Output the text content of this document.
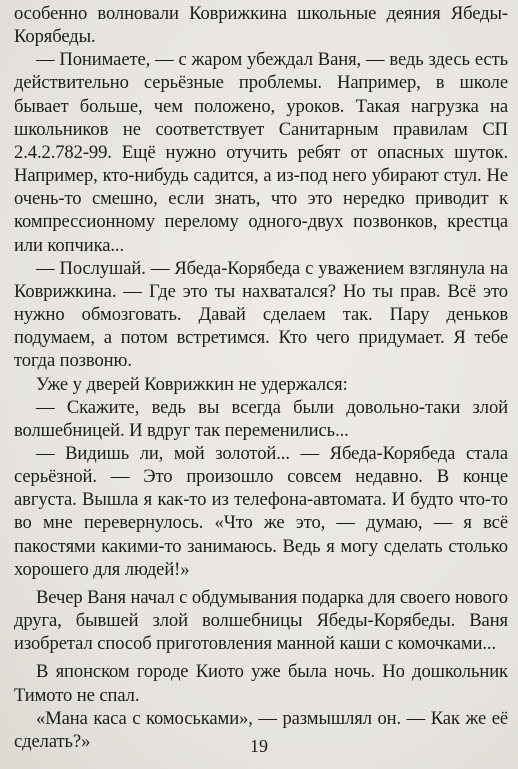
особенно волновали Коврижкина школьные деяния Ябеды-Корябеды.

— Понимаете, — с жаром убеждал Ваня, — ведь здесь есть действительно серьёзные проблемы. Например, в школе бывает больше, чем положено, уроков. Такая нагрузка на школьников не соответствует Санитарным правилам СП 2.4.2.782-99. Ещё нужно отучить ребят от опасных шуток. Например, кто-нибудь садится, а из-под него убирают стул. Не очень-то смешно, если знать, что это нередко приводит к компрессионному перелому одного-двух позвонков, крестца или копчика...

— Послушай. — Ябеда-Корябеда с уважением взглянула на Коврижкина. — Где это ты нахватался? Но ты прав. Всё это нужно обмозговать. Давай сделаем так. Пару деньков подумаем, а потом встретимся. Кто чего придумает. Я тебе тогда позвоню.

Уже у дверей Коврижкин не удержался:

— Скажите, ведь вы всегда были довольно-таки злой волшебницей. И вдруг так переменились...

— Видишь ли, мой золотой... — Ябеда-Корябеда стала серьёзной. — Это произошло совсем недавно. В конце августа. Вышла я как-то из телефона-автомата. И будто что-то во мне перевернулось. «Что же это, — думаю, — я всё пакостями какими-то занимаюсь. Ведь я могу сделать столько хорошего для людей!»

Вечер Ваня начал с обдумывания подарка для своего нового друга, бывшей злой волшебницы Ябеды-Корябеды. Ваня изобретал способ приготовления манной каши с комочками...

В японском городе Киото уже была ночь. Но дошкольник Тимото не спал.

«Мана каса с комоськами», — размышлял он. — Как же её сделать?»	19
